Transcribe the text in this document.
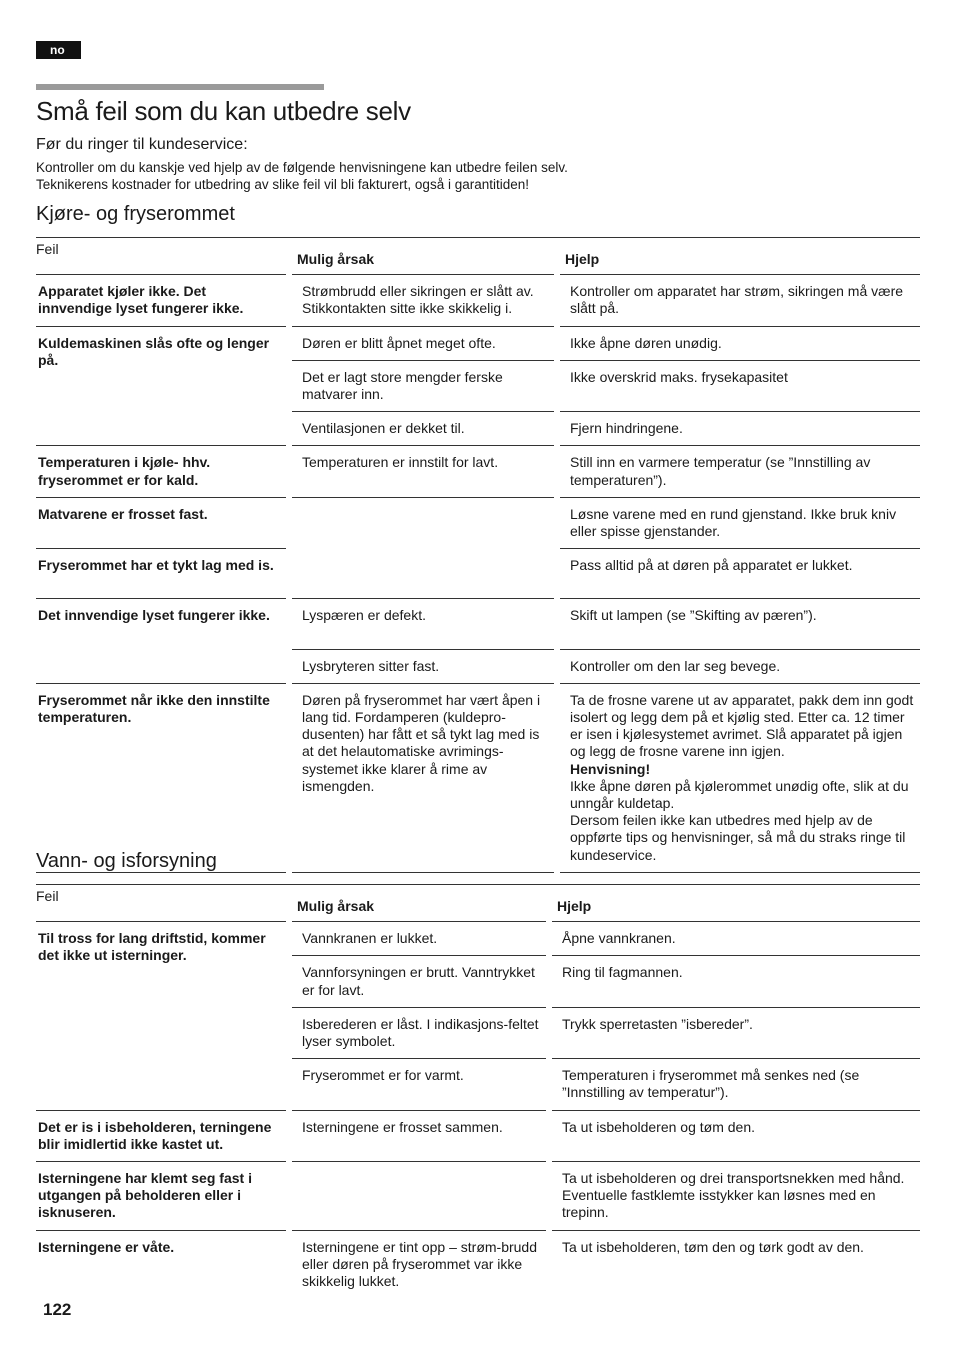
no
Små feil som du kan utbedre selv
Før du ringer til kundeservice:

Kontroller om du kanskje ved hjelp av de følgende henvisningene kan utbedre feilen selv.
Teknikerens kostnader for utbedring av slike feil vil bli fakturert, også i garantitiden!

Kjøre- og fryserommet
Feil	Mulig årsak	Hjelp
Apparatet kjøler ikke. Det innvendige lyset fungerer ikke.	Strømbrudd eller sikringen er slått av. Stikkontakten sitte ikke skikkelig i.	Kontroller om apparatet har strøm, sikringen må være slått på.
Kuldemaskinen slås ofte og lenger på.	Døren er blitt åpnet meget ofte.	Ikke åpne døren unødig.
	Det er lagt store mengder ferske matvarer inn.	Ikke overskrid maks. frysekapasitet
	Ventilasjonen er dekket til.	Fjern hindringene.
Temperaturen i kjøle- hhv. fryserommet er for kald.	Temperaturen er innstilt for lavt.	Still inn en varmere temperatur (se ”Innstilling av temperaturen”).
Matvarene er frosset fast.		Løsne varene med en rund gjenstand. Ikke bruk kniv eller spisse gjenstander.
Fryserommet har et tykt lag med is.		Pass alltid på at døren på apparatet er lukket.
Det innvendige lyset fungerer ikke.	Lyspæren er defekt.	Skift ut lampen (se ”Skifting av pæren”).
	Lysbryteren sitter fast.	Kontroller om den lar seg bevege.
Fryserommet når ikke den innstilte temperaturen.	Døren på fryserommet har vært åpen i lang tid. Fordamperen (kuldepro-dusenten) har fått et så tykt lag med is at det helautomatiske avrimings-systemet ikke klarer å rime av ismengden.	Ta de frosne varene ut av apparatet, pakk dem inn godt isolert og legg dem på et kjølig sted. Etter ca. 12 timer er isen i kjølesystemet avrimet. Slå apparatet på igjen og legg de frosne varene inn igjen.
Henvisning!
Ikke åpne døren på kjølerommet unødig ofte, slik at du unngår kuldetap.
Dersom feilen ikke kan utbedres med hjelp av de oppførte tips og henvisninger, så må du straks ringe til kundeservice.
Vann- og isforsyning
Feil	Mulig årsak	Hjelp
Til tross for lang driftstid, kommer det ikke ut isterninger.	Vannkranen er lukket.	Åpne vannkranen.
	Vannforsyningen er brutt. Vanntrykket er for lavt.	Ring til fagmannen.
	Isberederen er låst. I indikasjons-feltet lyser symbolet.	Trykk sperretasten ”isbereder”.
	Fryserommet er for varmt.	Temperaturen i fryserommet må senkes ned (se ”Innstilling av temperatur”).
Det er is i isbeholderen, terningene blir imidlertid ikke kastet ut.	Isterningene er frosset sammen.	Ta ut isbeholderen og tøm den.
Isterningene har klemt seg fast i utgangen på beholderen eller i isknuseren.		Ta ut isbeholderen og drei transportsnekken med hånd. Eventuelle fastklemte isstykker kan løsnes med en trepinn.
Isterningene er våte.	Isterningene er tint opp – strøm-brudd eller døren på fryserommet var ikke skikkelig lukket.	Ta ut isbeholderen, tøm den og tørk godt av den.
122
